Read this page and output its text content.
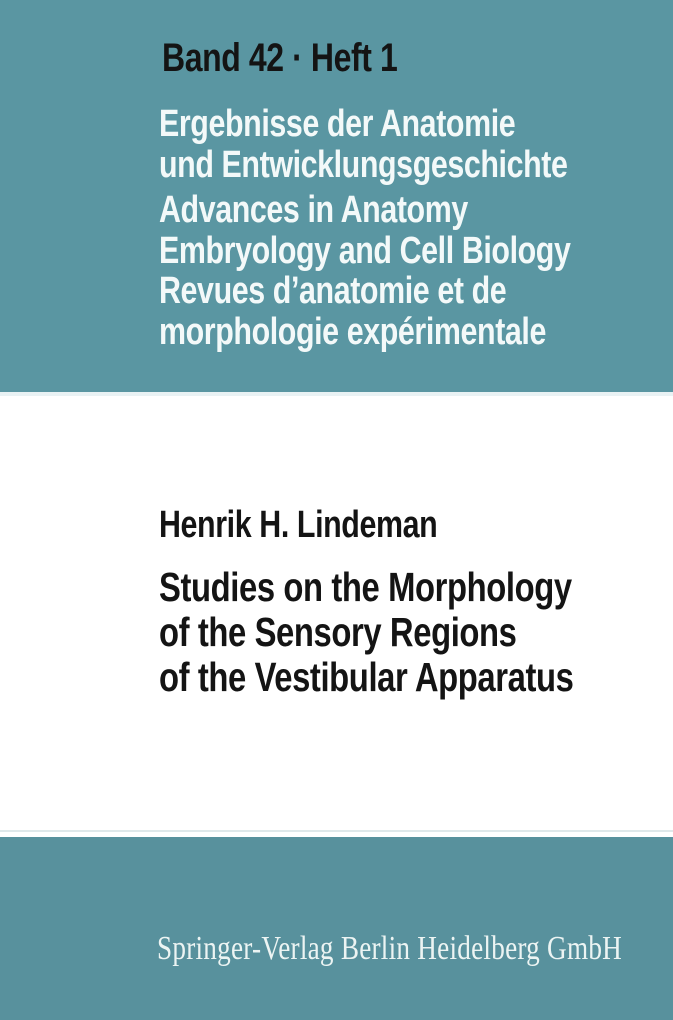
Band 42 · Heft 1
Ergebnisse der Anatomie
und Entwicklungsgeschichte
Advances in Anatomy
Embryology and Cell Biology
Revues d’anatomie et de
morphologie expérimentale
Henrik H. Lindeman
Studies on the Morphology
of the Sensory Regions
of the Vestibular Apparatus
Springer-Verlag Berlin Heidelberg GmbH
